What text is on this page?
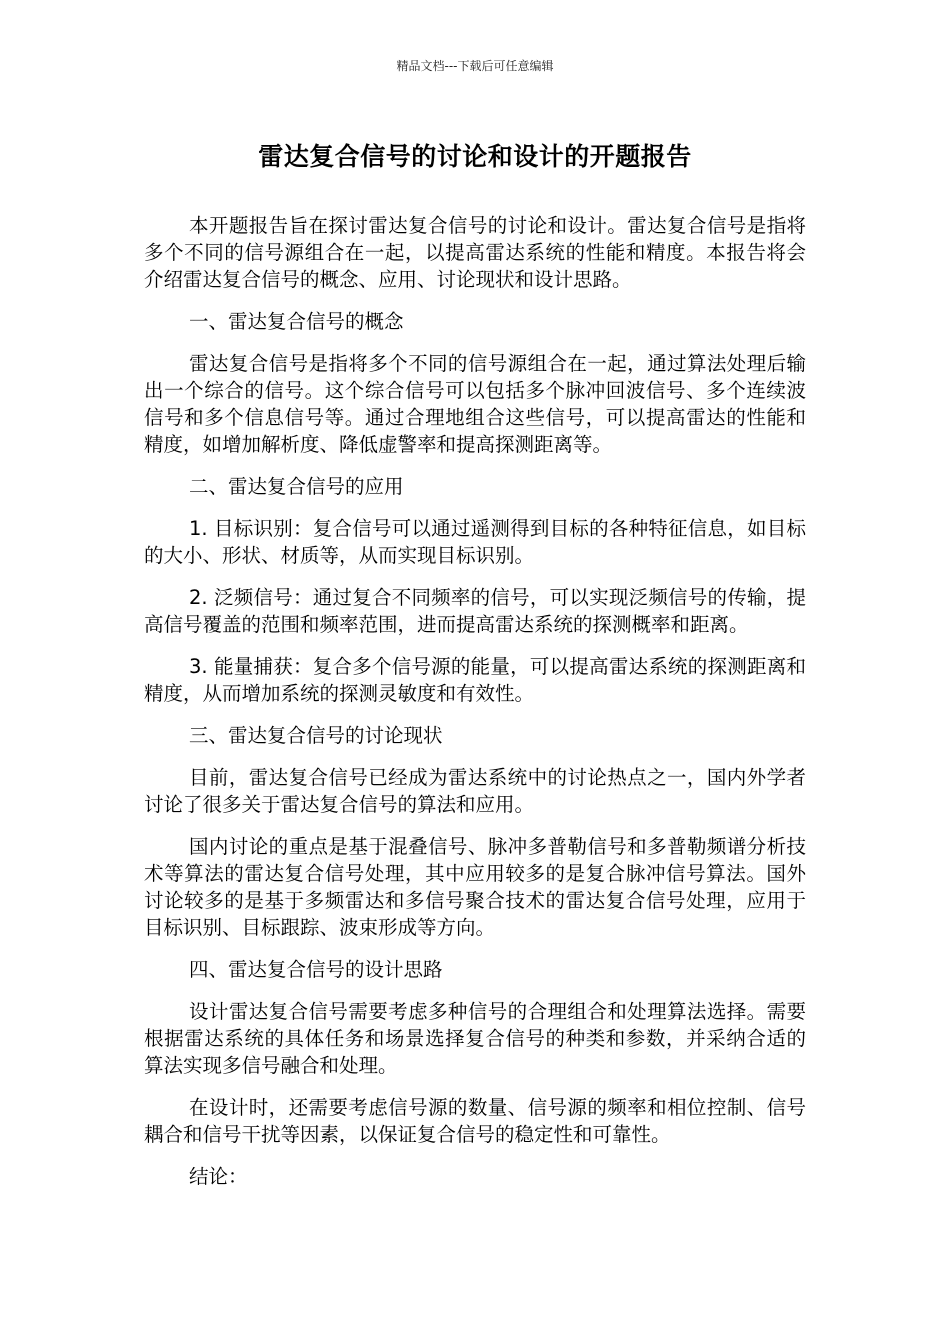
精品文档---下载后可任意编辑
雷达复合信号的讨论和设计的开题报告

本开题报告旨在探讨雷达复合信号的讨论和设计。雷达复合信号是指将多个不同的信号源组合在一起，以提高雷达系统的性能和精度。本报告将会介绍雷达复合信号的概念、应用、讨论现状和设计思路。

一、雷达复合信号的概念

雷达复合信号是指将多个不同的信号源组合在一起，通过算法处理后输出一个综合的信号。这个综合信号可以包括多个脉冲回波信号、多个连续波信号和多个信息信号等。通过合理地组合这些信号，可以提高雷达的性能和精度，如增加解析度、降低虚警率和提高探测距离等。

二、雷达复合信号的应用

1. 目标识别：复合信号可以通过遥测得到目标的各种特征信息，如目标的大小、形状、材质等，从而实现目标识别。

2. 泛频信号：通过复合不同频率的信号，可以实现泛频信号的传输，提高信号覆盖的范围和频率范围，进而提高雷达系统的探测概率和距离。

3. 能量捕获：复合多个信号源的能量，可以提高雷达系统的探测距离和精度，从而增加系统的探测灵敏度和有效性。

三、雷达复合信号的讨论现状

目前，雷达复合信号已经成为雷达系统中的讨论热点之一，国内外学者讨论了很多关于雷达复合信号的算法和应用。

国内讨论的重点是基于混叠信号、脉冲多普勒信号和多普勒频谱分析技术等算法的雷达复合信号处理，其中应用较多的是复合脉冲信号算法。国外讨论较多的是基于多频雷达和多信号聚合技术的雷达复合信号处理，应用于目标识别、目标跟踪、波束形成等方向。

四、雷达复合信号的设计思路

设计雷达复合信号需要考虑多种信号的合理组合和处理算法选择。需要根据雷达系统的具体任务和场景选择复合信号的种类和参数，并采纳合适的算法实现多信号融合和处理。

在设计时，还需要考虑信号源的数量、信号源的频率和相位控制、信号耦合和信号干扰等因素，以保证复合信号的稳定性和可靠性。

结论：
